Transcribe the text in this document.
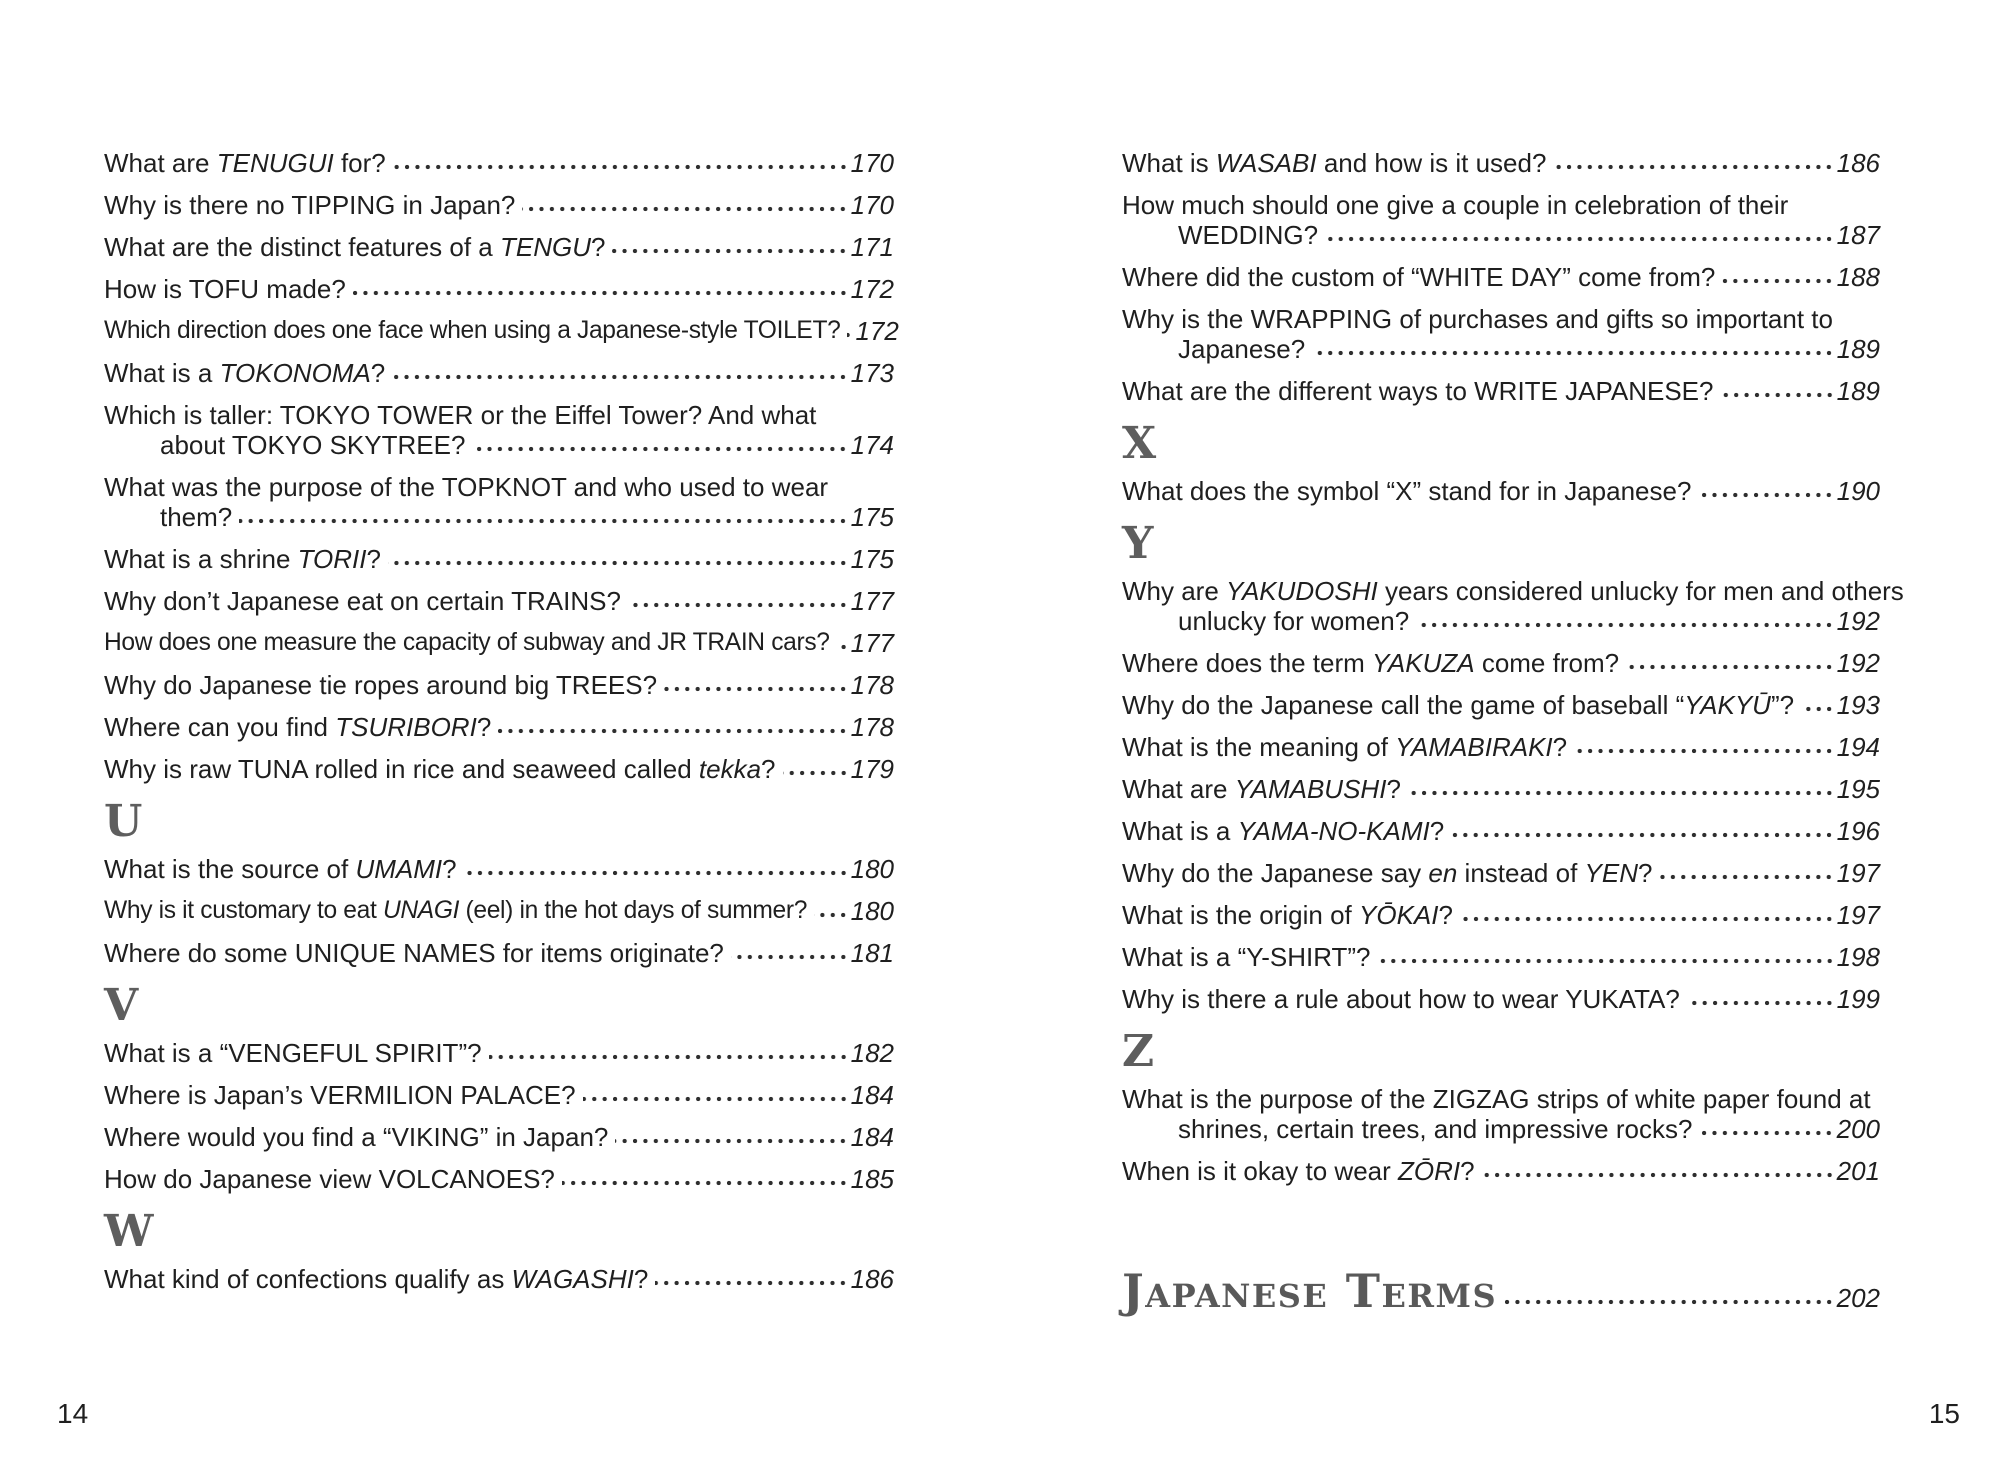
What are TENUGUI for?	170
Why is there no TIPPING in Japan?	170
What are the distinct features of a TENGU?	171
How is TOFU made?	172
Which direction does one face when using a Japanese-style TOILET? 172
What is a TOKONOMA?	173
Which is taller: TOKYO TOWER or the Eiffel Tower? And what
about TOKYO SKYTREE?	174
What was the purpose of the TOPKNOT and who used to wear
them?	175
What is a shrine TORII?	175
Why don’t Japanese eat on certain TRAINS?	177
How does one measure the capacity of subway and JR TRAIN cars? 177
Why do Japanese tie ropes around big TREES?	178
Where can you find TSURIBORI?	178
Why is raw TUNA rolled in rice and seaweed called tekka?	179
U
What is the source of UMAMI?	180
Why is it customary to eat UNAGI (eel) in the hot days of summer? 180
Where do some UNIQUE NAMES for items originate?	181
V
What is a “VENGEFUL SPIRIT”?	182
Where is Japan’s VERMILION PALACE?	184
Where would you find a “VIKING” in Japan?	184
How do Japanese view VOLCANOES?	185
W
What kind of confections qualify as WAGASHI?	186
What is WASABI and how is it used?	186
How much should one give a couple in celebration of their
WEDDING?	187
Where did the custom of “WHITE DAY” come from?	188
Why is the WRAPPING of purchases and gifts so important to
Japanese?	189
What are the different ways to WRITE JAPANESE?	189
X
What does the symbol “X” stand for in Japanese?	190
Y
Why are YAKUDOSHI years considered unlucky for men and others
unlucky for women?	192
Where does the term YAKUZA come from?	192
Why do the Japanese call the game of baseball “YAKYŪ”? 193
What is the meaning of YAMABIRAKI?	194
What are YAMABUSHI?	195
What is a YAMA-NO-KAMI?	196
Why do the Japanese say en instead of YEN?	197
What is the origin of YŌKAI?	197
What is a “Y-SHIRT”?	198
Why is there a rule about how to wear YUKATA?	199
Z
What is the purpose of the ZIGZAG strips of white paper found at
shrines, certain trees, and impressive rocks?	200
When is it okay to wear ZŌRI?	201
Japanese Terms	202
14	15
